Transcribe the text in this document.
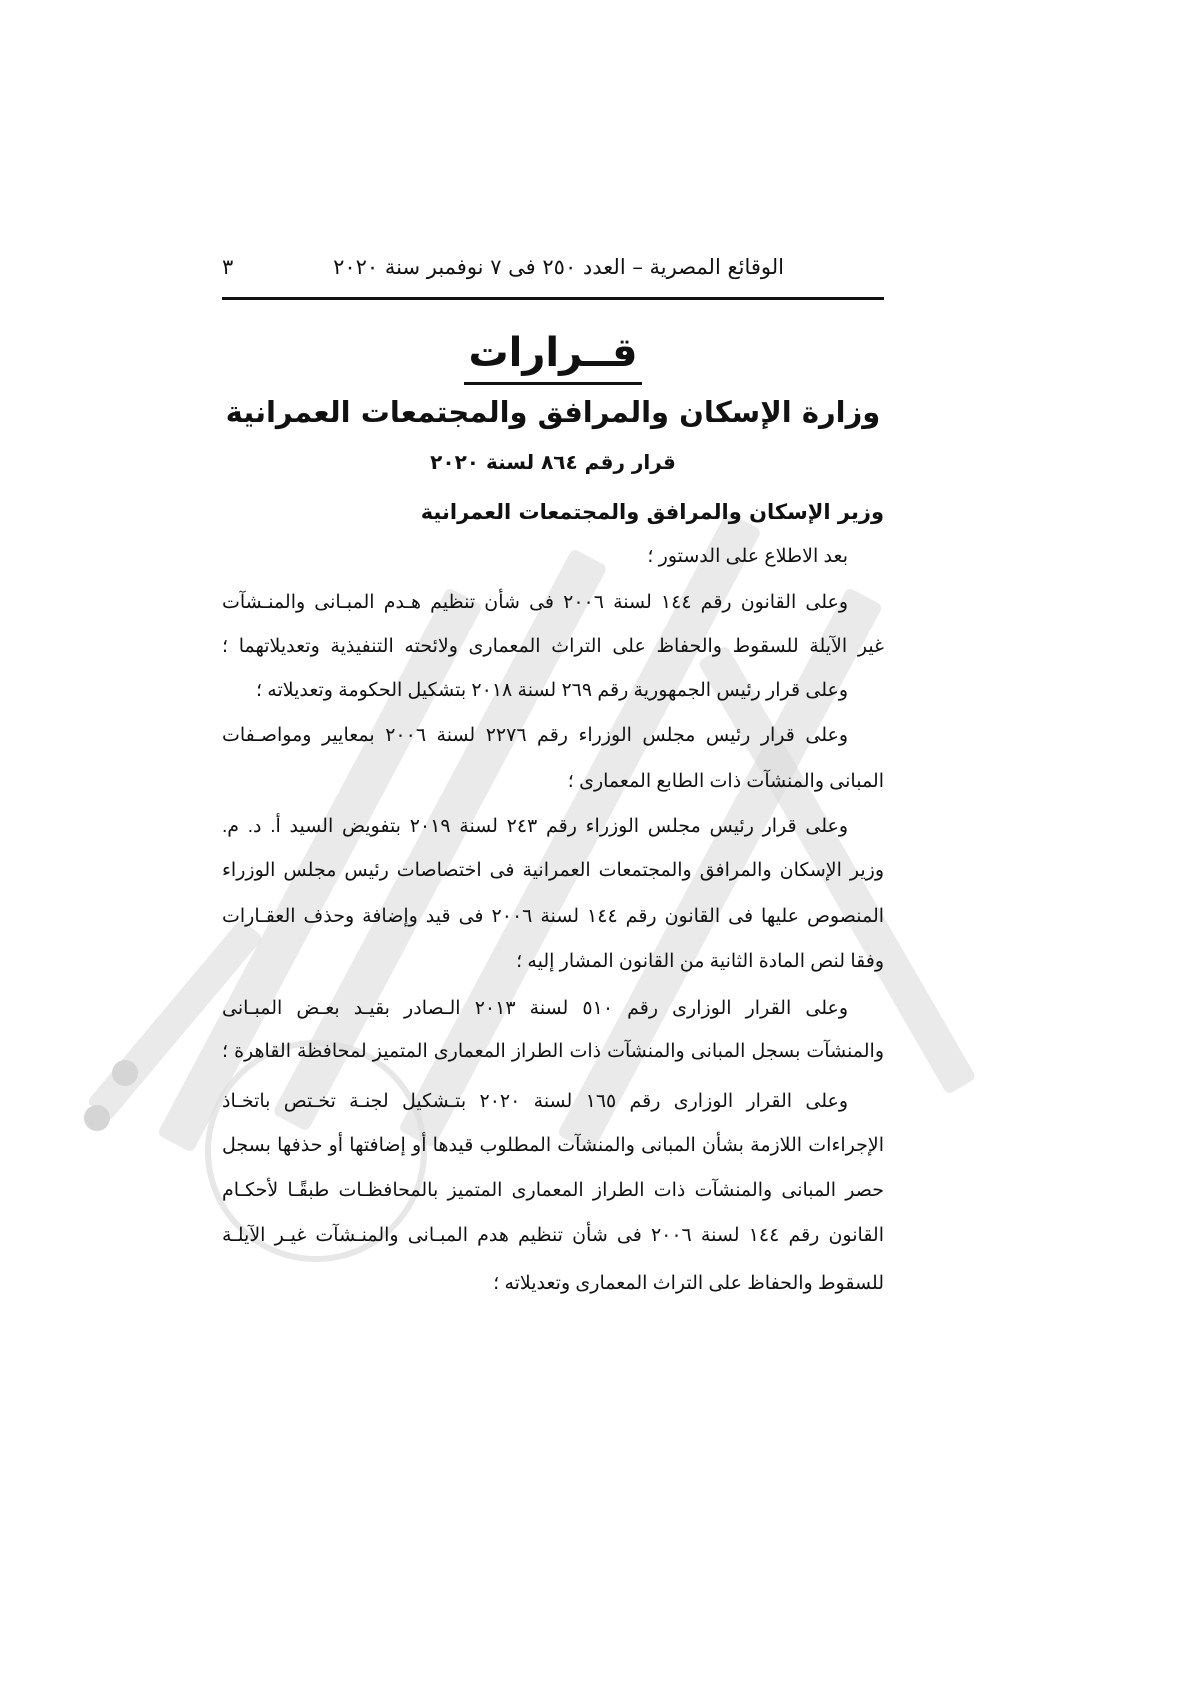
الوقائع المصرية – العدد ٢٥٠ فى ٧ نوفمبر سنة ٢٠٢٠
٣
قــرارات
وزارة الإسكان والمرافق والمجتمعات العمرانية
قرار رقم ٨٦٤ لسنة ٢٠٢٠
وزير الإسكان والمرافق والمجتمعات العمرانية
بعد الاطلاع على الدستور ؛
وعلى القانون رقم ١٤٤ لسنة ٢٠٠٦ فى شأن تنظيم هـدم المبـانى والمنـشآت
غير الآيلة للسقوط والحفاظ على التراث المعمارى ولائحته التنفيذية وتعديلاتهما ؛
وعلى قرار رئيس الجمهورية رقم ٢٦٩ لسنة ٢٠١٨ بتشكيل الحكومة وتعديلاته ؛
وعلى قرار رئيس مجلس الوزراء رقم ٢٢٧٦ لسنة ٢٠٠٦ بمعايير ومواصـفات
المبانى والمنشآت ذات الطابع المعمارى ؛
وعلى قرار رئيس مجلس الوزراء رقم ٢٤٣ لسنة ٢٠١٩ بتفويض السيد أ. د. م.
وزير الإسكان والمرافق والمجتمعات العمرانية فى اختصاصات رئيس مجلس الوزراء
المنصوص عليها فى القانون رقم ١٤٤ لسنة ٢٠٠٦ فى قيد وإضافة وحذف العقـارات
وفقا لنص المادة الثانية من القانون المشار إليه ؛
وعلى القرار الوزارى رقم ٥١٠ لسنة ٢٠١٣ الـصادر بقيـد بعـض المبـانى
والمنشآت بسجل المبانى والمنشآت ذات الطراز المعمارى المتميز لمحافظة القاهرة ؛
وعلى القرار الوزارى رقم ١٦٥ لسنة ٢٠٢٠ بتـشكيل لجنـة تخـتص باتخـاذ
الإجراءات اللازمة بشأن المبانى والمنشآت المطلوب قيدها أو إضافتها أو حذفها بسجل
حصر المبانى والمنشآت ذات الطراز المعمارى المتميز بالمحافظـات طبقًـا لأحكـام
القانون رقم ١٤٤ لسنة ٢٠٠٦ فى شأن تنظيم هدم المبـانى والمنـشآت غيـر الآيلـة
للسقوط والحفاظ على التراث المعمارى وتعديلاته ؛
